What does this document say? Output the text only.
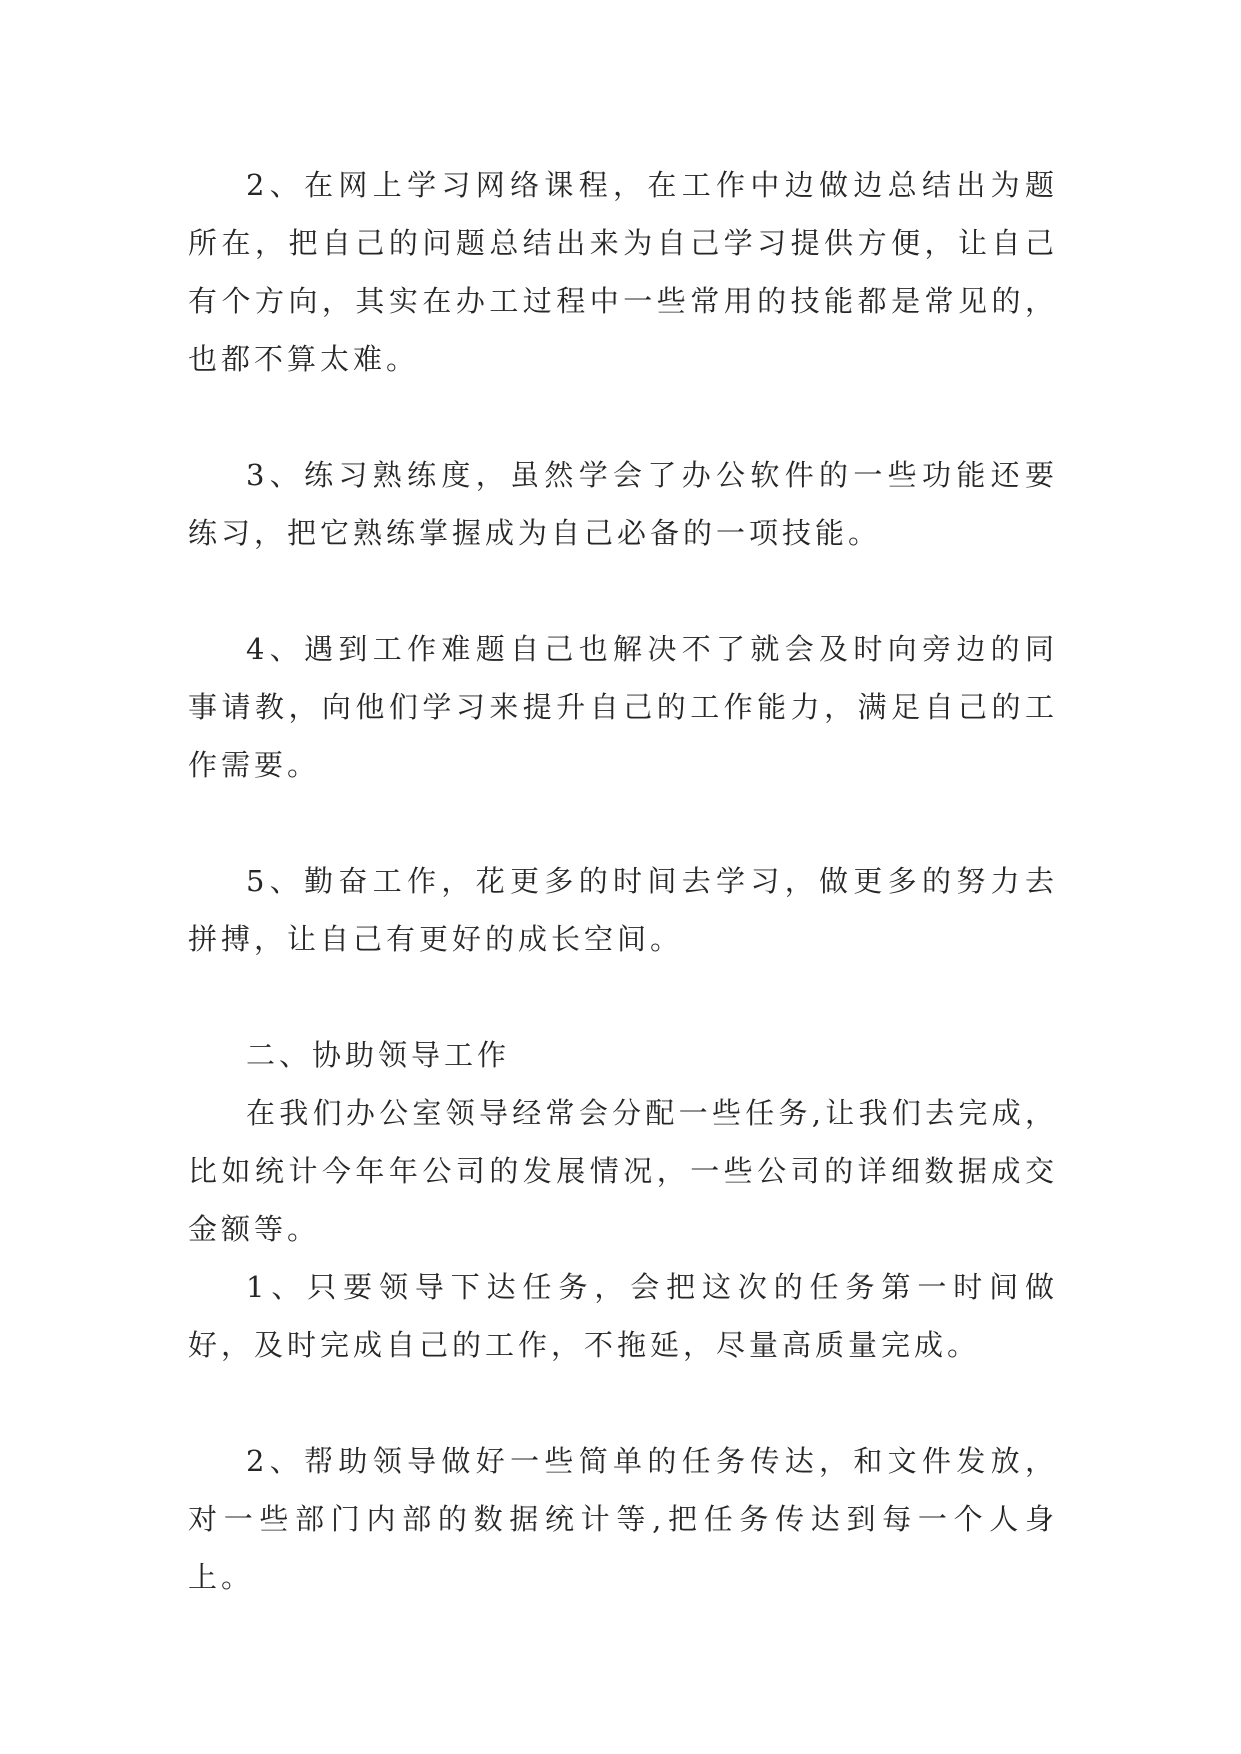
2、在网上学习网络课程，在工作中边做边总结出为题所在，把自己的问题总结出来为自己学习提供方便，让自己有个方向，其实在办工过程中一些常用的技能都是常见的，也都不算太难。

3、练习熟练度，虽然学会了办公软件的一些功能还要练习，把它熟练掌握成为自己必备的一项技能。

4、遇到工作难题自己也解决不了就会及时向旁边的同事请教，向他们学习来提升自己的工作能力，满足自己的工作需要。

5、勤奋工作，花更多的时间去学习，做更多的努力去拼搏，让自己有更好的成长空间。

二、协助领导工作

在我们办公室领导经常会分配一些任务,让我们去完成，比如统计今年年公司的发展情况，一些公司的详细数据成交金额等。

1、只要领导下达任务，会把这次的任务第一时间做好，及时完成自己的工作，不拖延，尽量高质量完成。

2、帮助领导做好一些简单的任务传达，和文件发放，对一些部门内部的数据统计等,把任务传达到每一个人身上。
